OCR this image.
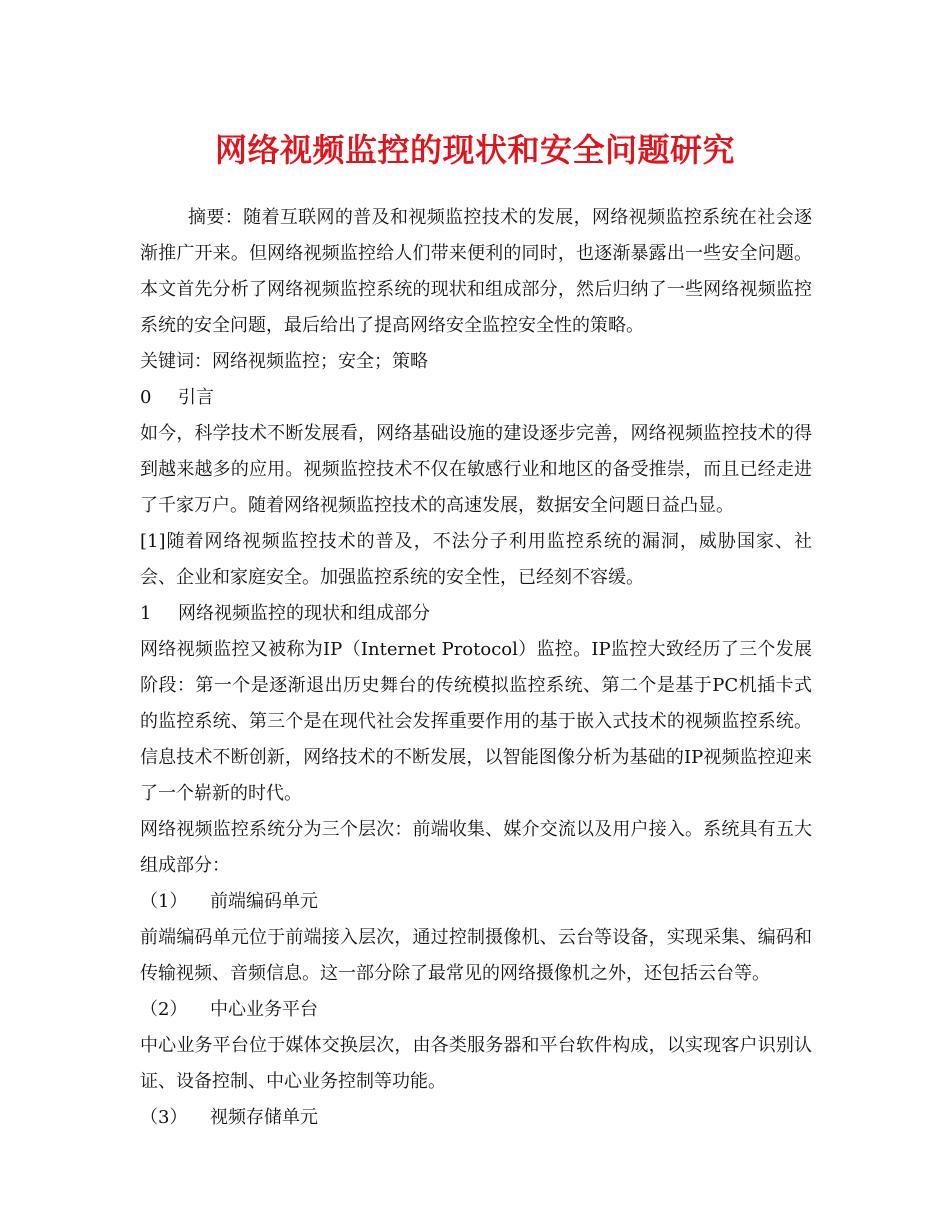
网络视频监控的现状和安全问题研究

摘要：随着互联网的普及和视频监控技术的发展，网络视频监控系统在社会逐渐推广开来。但网络视频监控给人们带来便利的同时，也逐渐暴露出一些安全问题。本文首先分析了网络视频监控系统的现状和组成部分，然后归纳了一些网络视频监控系统的安全问题，最后给出了提高网络安全监控安全性的策略。

关键词：网络视频监控；安全；策略

0 引言

如今，科学技术不断发展看，网络基础设施的建设逐步完善，网络视频监控技术的得到越来越多的应用。视频监控技术不仅在敏感行业和地区的备受推崇，而且已经走进了千家万户。随着网络视频监控技术的高速发展，数据安全问题日益凸显。

[1]随着网络视频监控技术的普及，不法分子利用监控系统的漏洞，威胁国家、社会、企业和家庭安全。加强监控系统的安全性，已经刻不容缓。

1 网络视频监控的现状和组成部分

网络视频监控又被称为IP（Internet Protocol）监控。IP监控大致经历了三个发展阶段：第一个是逐渐退出历史舞台的传统模拟监控系统、第二个是基于PC机插卡式的监控系统、第三个是在现代社会发挥重要作用的基于嵌入式技术的视频监控系统。信息技术不断创新，网络技术的不断发展，以智能图像分析为基础的IP视频监控迎来了一个崭新的时代。

网络视频监控系统分为三个层次：前端收集、媒介交流以及用户接入。系统具有五大组成部分：

（1） 前端编码单元

前端编码单元位于前端接入层次，通过控制摄像机、云台等设备，实现采集、编码和传输视频、音频信息。这一部分除了最常见的网络摄像机之外，还包括云台等。

（2） 中心业务平台

中心业务平台位于媒体交换层次，由各类服务器和平台软件构成，以实现客户识别认证、设备控制、中心业务控制等功能。

（3） 视频存储单元
